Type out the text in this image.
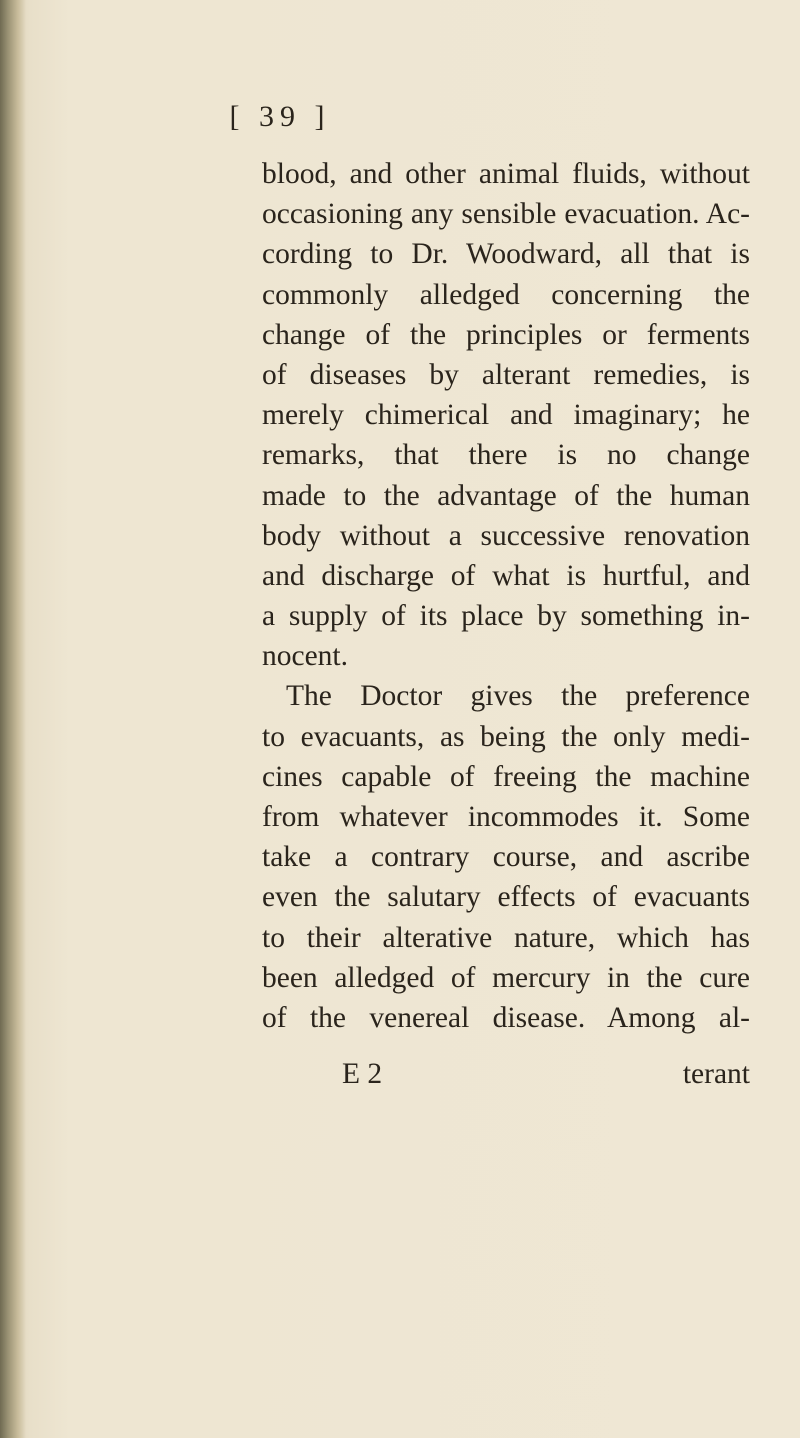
[ 39 ]
blood, and other animal fluids, without
occasioning any sensible evacuation. Ac-
cording to Dr. Woodward, all that is
commonly alledged concerning the
change of the principles or ferments
of diseases by alterant remedies, is
merely chimerical and imaginary; he
remarks, that there is no change
made to the advantage of the human
body without a successive renovation
and discharge of what is hurtful, and
a supply of its place by something in-
nocent.
The Doctor gives the preference
to evacuants, as being the only medi-
cines capable of freeing the machine
from whatever incommodes it. Some
take a contrary course, and ascribe
even the salutary effects of evacuants
to their alterative nature, which has
been alledged of mercury in the cure
of the venereal disease. Among al-
E 2	terant
